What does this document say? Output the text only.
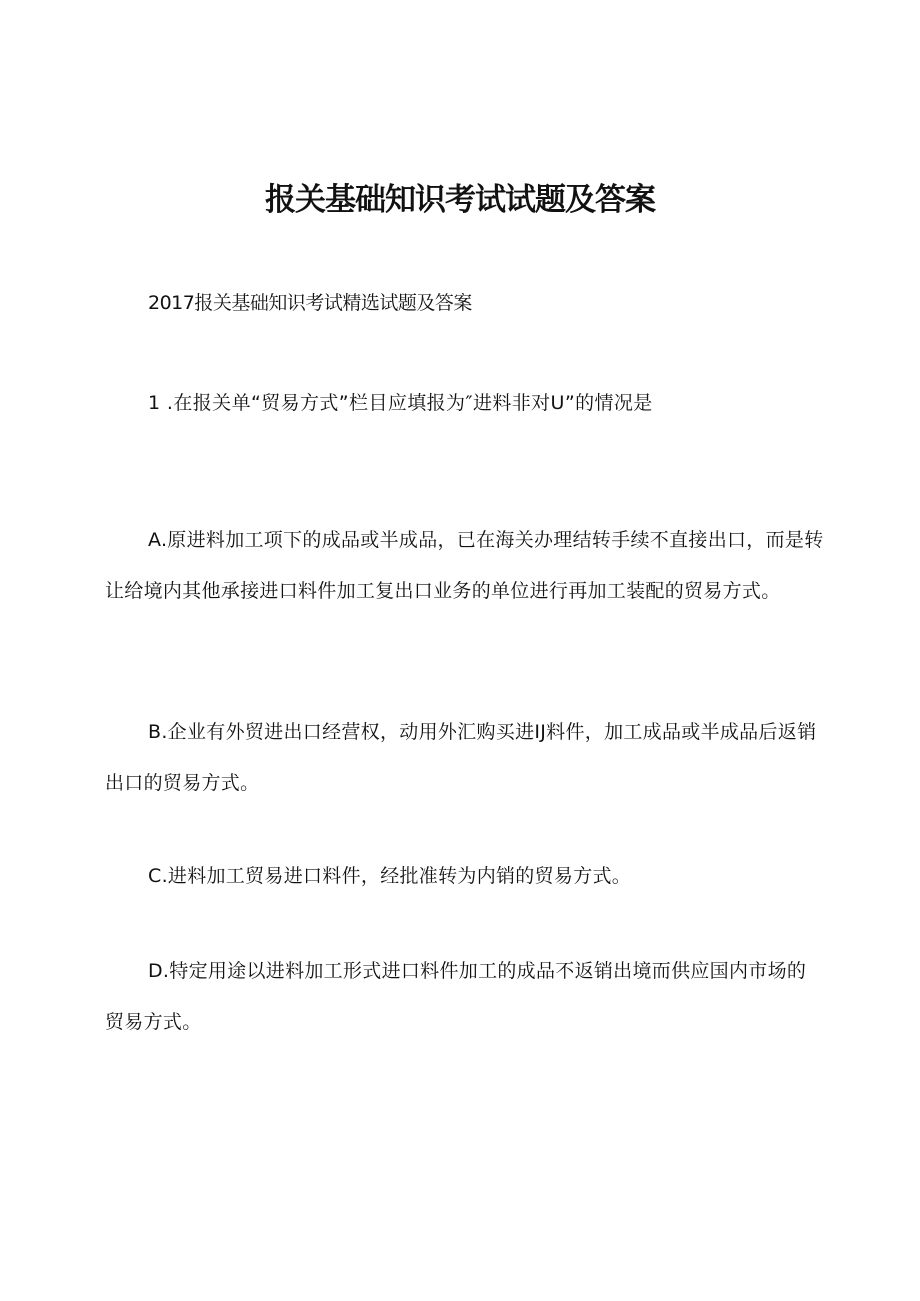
报关基础知识考试试题及答案
2017报关基础知识考试精选试题及答案
1 .在报关单“贸易方式”栏目应填报为″进料非对U”的情况是

A.原进料加工项下的成品或半成品，已在海关办理结转手续不直接出口，而是转让给境内其他承接进口料件加工复出口业务的单位进行再加工装配的贸易方式。

B.企业有外贸进出口经营权，动用外汇购买进IJ料件，加工成品或半成品后返销出口的贸易方式。

C.进料加工贸易进口料件，经批准转为内销的贸易方式。

D.特定用途以进料加工形式进口料件加工的成品不返销出境而供应国内市场的贸易方式。
